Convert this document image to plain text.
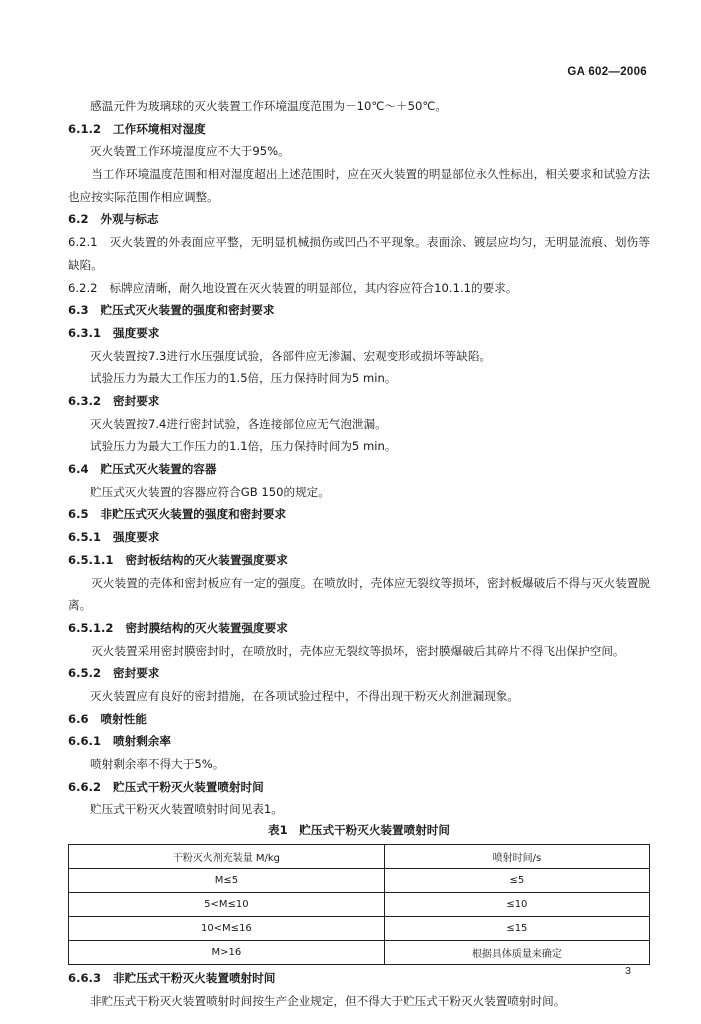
GA 602—2006
感温元件为玻璃球的灭火装置工作环境温度范围为－10℃～＋50℃。
6.1.2 工作环境相对湿度
灭火装置工作环境湿度应不大于95%。
当工作环境温度范围和相对湿度超出上述范围时，应在灭火装置的明显部位永久性标出，相关要求和试验方法也应按实际范围作相应调整。
6.2 外观与标志
6.2.1 灭火装置的外表面应平整，无明显机械损伤或凹凸不平现象。表面涂、镀层应均匀，无明显流痕、划伤等缺陷。
6.2.2 标牌应清晰，耐久地设置在灭火装置的明显部位，其内容应符合10.1.1的要求。
6.3 贮压式灭火装置的强度和密封要求
6.3.1 强度要求
灭火装置按7.3进行水压强度试验，各部件应无渗漏、宏观变形或损坏等缺陷。
试验压力为最大工作压力的1.5倍，压力保持时间为5 min。
6.3.2 密封要求
灭火装置按7.4进行密封试验，各连接部位应无气泡泄漏。
试验压力为最大工作压力的1.1倍，压力保持时间为5 min。
6.4 贮压式灭火装置的容器
贮压式灭火装置的容器应符合GB 150的规定。
6.5 非贮压式灭火装置的强度和密封要求
6.5.1 强度要求
6.5.1.1 密封板结构的灭火装置强度要求
灭火装置的壳体和密封板应有一定的强度。在喷放时，壳体应无裂纹等损坏，密封板爆破后不得与灭火装置脱离。
6.5.1.2 密封膜结构的灭火装置强度要求
灭火装置采用密封膜密封时，在喷放时，壳体应无裂纹等损坏，密封膜爆破后其碎片不得飞出保护空间。
6.5.2 密封要求
灭火装置应有良好的密封措施，在各项试验过程中，不得出现干粉灭火剂泄漏现象。
6.6 喷射性能
6.6.1 喷射剩余率
喷射剩余率不得大于5%。
6.6.2 贮压式干粉灭火装置喷射时间
贮压式干粉灭火装置喷射时间见表1。
表1　贮压式干粉灭火装置喷射时间
干粉灭火剂充装量 M/kg	喷射时间/s
M≤5	≤5
5<M≤10	≤10
10<M≤16	≤15
M>16	根据具体质量来确定
6.6.3 非贮压式干粉灭火装置喷射时间
非贮压式干粉灭火装置喷射时间按生产企业规定，但不得大于贮压式干粉灭火装置喷射时间。
3
